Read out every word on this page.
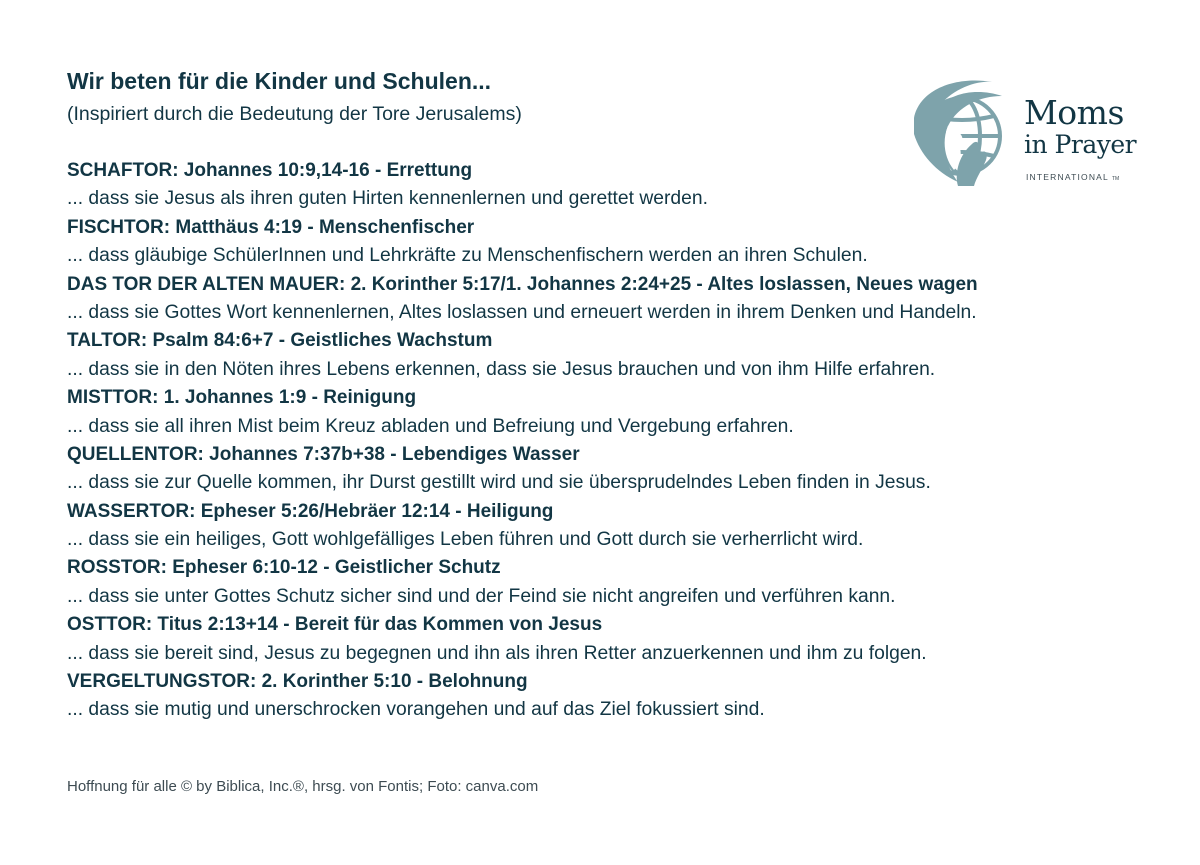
Wir beten für die Kinder und Schulen...
(Inspiriert durch die Bedeutung der Tore Jerusalems)	Moms
in Prayer
INTERNATIONAL TM
SCHAFTOR: Johannes 10:9,14-16 - Errettung
... dass sie Jesus als ihren guten Hirten kennenlernen und gerettet werden.
FISCHTOR: Matthäus 4:19 - Menschenfischer
... dass gläubige SchülerInnen und Lehrkräfte zu Menschenfischern werden an ihren Schulen.
DAS TOR DER ALTEN MAUER: 2. Korinther 5:17/1. Johannes 2:24+25 - Altes loslassen, Neues wagen
... dass sie Gottes Wort kennenlernen, Altes loslassen und erneuert werden in ihrem Denken und Handeln.
TALTOR: Psalm 84:6+7 - Geistliches Wachstum
... dass sie in den Nöten ihres Lebens erkennen, dass sie Jesus brauchen und von ihm Hilfe erfahren.
MISTTOR: 1. Johannes 1:9 - Reinigung
... dass sie all ihren Mist beim Kreuz abladen und Befreiung und Vergebung erfahren.
QUELLENTOR: Johannes 7:37b+38 - Lebendiges Wasser
... dass sie zur Quelle kommen, ihr Durst gestillt wird und sie übersprudelndes Leben finden in Jesus.
WASSERTOR: Epheser 5:26/Hebräer 12:14 - Heiligung
... dass sie ein heiliges, Gott wohlgefälliges Leben führen und Gott durch sie verherrlicht wird.
ROSSTOR: Epheser 6:10-12 - Geistlicher Schutz
... dass sie unter Gottes Schutz sicher sind und der Feind sie nicht angreifen und verführen kann.
OSTTOR: Titus 2:13+14 - Bereit für das Kommen von Jesus
... dass sie bereit sind, Jesus zu begegnen und ihn als ihren Retter anzuerkennen und ihm zu folgen.
VERGELTUNGSTOR: 2. Korinther 5:10 - Belohnung
... dass sie mutig und unerschrocken vorangehen und auf das Ziel fokussiert sind.
Hoffnung für alle © by Biblica, Inc.®, hrsg. von Fontis; Foto: canva.com
